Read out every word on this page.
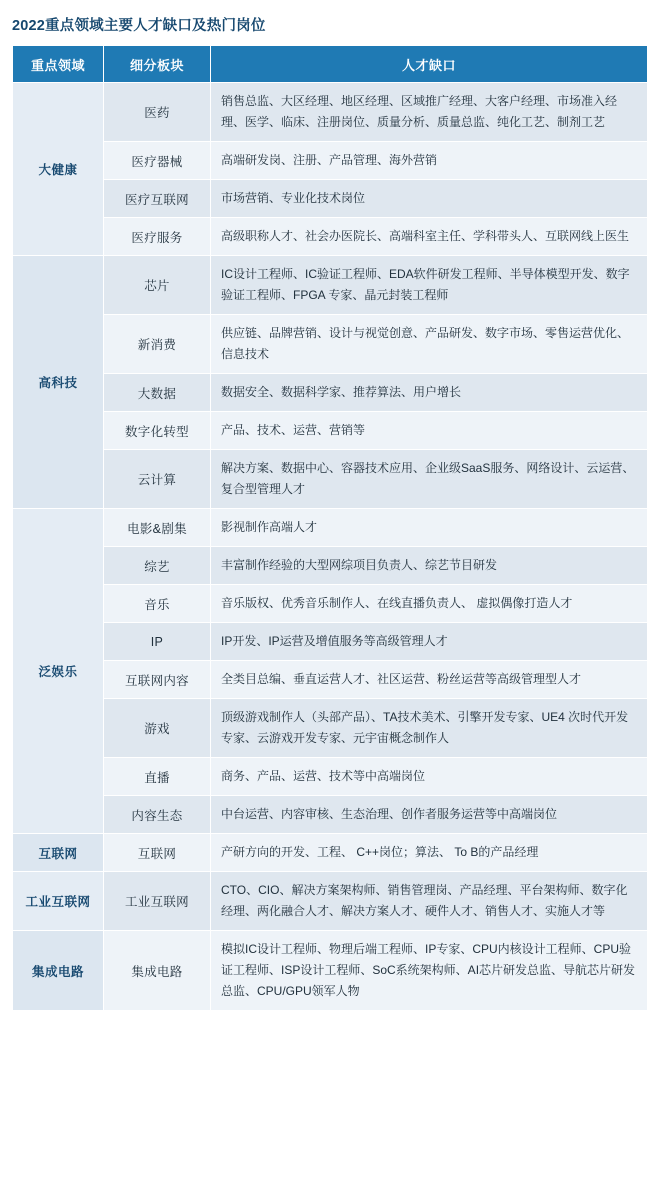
2022重点领域主要人才缺口及热门岗位
重点领域	细分板块	人才缺口
大健康	医药	销售总监、大区经理、地区经理、区域推广经理、大客户经理、市场准入经理、医学、临床、注册岗位、质量分析、质量总监、纯化工艺、制剂工艺
	医疗器械	高端研发岗、注册、产品管理、海外营销
	医疗互联网	市场营销、专业化技术岗位
	医疗服务	高级职称人才、社会办医院长、高端科室主任、学科带头人、互联网线上医生
高科技	芯片	IC设计工程师、IC验证工程师、EDA软件研发工程师、半导体模型开发、数字验证工程师、FPGA 专家、晶元封装工程师
	新消费	供应链、品牌营销、设计与视觉创意、产品研发、数字市场、零售运营优化、信息技术
	大数据	数据安全、数据科学家、推荐算法、用户增长
	数字化转型	产品、技术、运营、营销等
	云计算	解决方案、数据中心、容器技术应用、企业级SaaS服务、网络设计、云运营、复合型管理人才
泛娱乐	电影&剧集	影视制作高端人才
	综艺	丰富制作经验的大型网综项目负责人、综艺节目研发
	音乐	音乐版权、优秀音乐制作人、在线直播负责人、 虚拟偶像打造人才
	IP	IP开发、IP运营及增值服务等高级管理人才
	互联网内容	全类目总编、垂直运营人才、社区运营、粉丝运营等高级管理型人才
	游戏	顶级游戏制作人（头部产品）、TA技术美术、引擎开发专家、UE4 次时代开发专家、云游戏开发专家、元宇宙概念制作人
	直播	商务、产品、运营、技术等中高端岗位
	内容生态	中台运营、内容审核、生态治理、创作者服务运营等中高端岗位
互联网	互联网	产研方向的开发、工程、 C++岗位；算法、 To B的产品经理
工业互联网	工业互联网	CTO、CIO、解决方案架构师、销售管理岗、产品经理、平台架构师、数字化经理、两化融合人才、解决方案人才、硬件人才、销售人才、实施人才等
集成电路	集成电路	模拟IC设计工程师、物理后端工程师、IP专家、CPU内核设计工程师、CPU验证工程师、ISP设计工程师、SoC系统架构师、AI芯片研发总监、导航芯片研发总监、CPU/GPU领军人物
